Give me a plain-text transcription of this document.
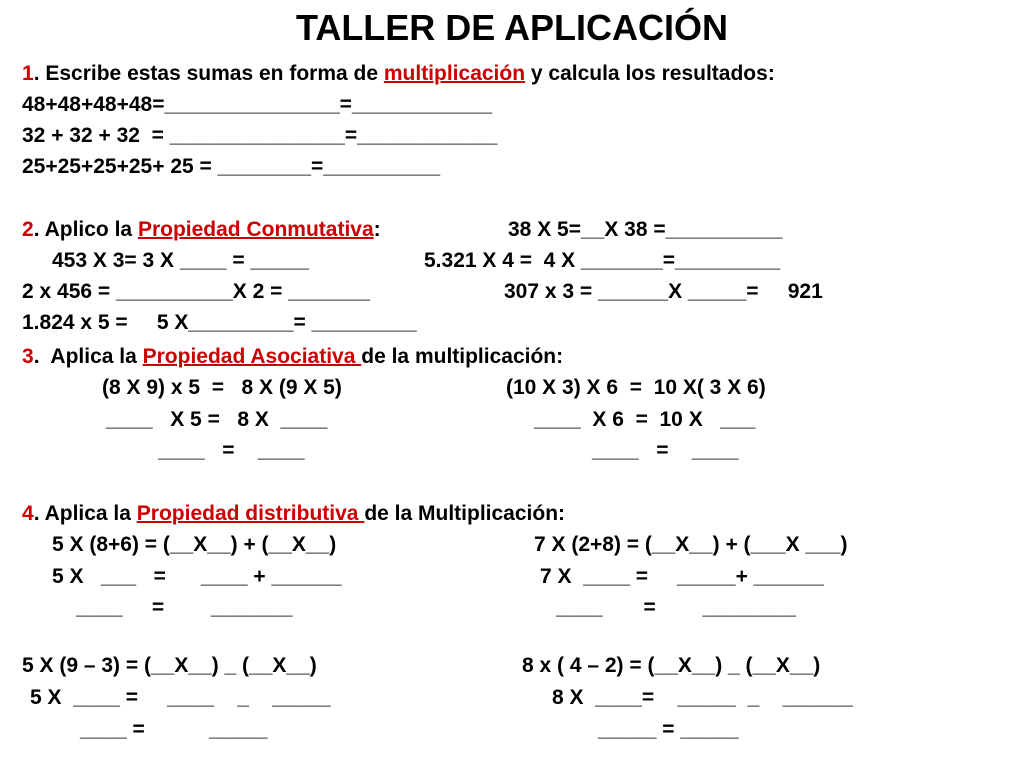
TALLER DE APLICACIÓN
1. Escribe estas sumas en forma de multiplicación y calcula los resultados:
48+48+48+48=_______________=____________
32 + 32 + 32  = _______________=____________
25+25+25+25+ 25 = ________=__________
2. Aplico la Propiedad Conmutativa:	38 X 5=__X 38 =__________
453 X 3= 3 X ____ = _____	5.321 X 4 =  4 X _______=_________
2 x 456 = __________X 2 = _______	307 x 3 = ______X _____=     921
1.824 x 5 =     5 X_________= _________
3.  Aplica la Propiedad Asociativa de la multiplicación:
(8 X 9) x 5  =   8 X (9 X 5)	(10 X 3) X 6  =  10 X( 3 X 6)
____   X 5 =   8 X  ____	____  X 6  =  10 X   ___
____   =    ____	____   =    ____
4. Aplica la Propiedad distributiva de la Multiplicación:
5 X (8+6) = (__X__) + (__X__)	7 X (2+8) = (__X__) + (___X ___)
5 X   ___   =      ____ + ______	7 X  ____ =     _____+ ______
____     =        _______	____       =        ________
5 X (9 – 3) = (__X__) _ (__X__)	8 x ( 4 – 2) = (__X__) _ (__X__)
5 X  ____ =     ____    _    _____	8 X  ____=    _____  _    ______
____ =           _____	_____ = _____
